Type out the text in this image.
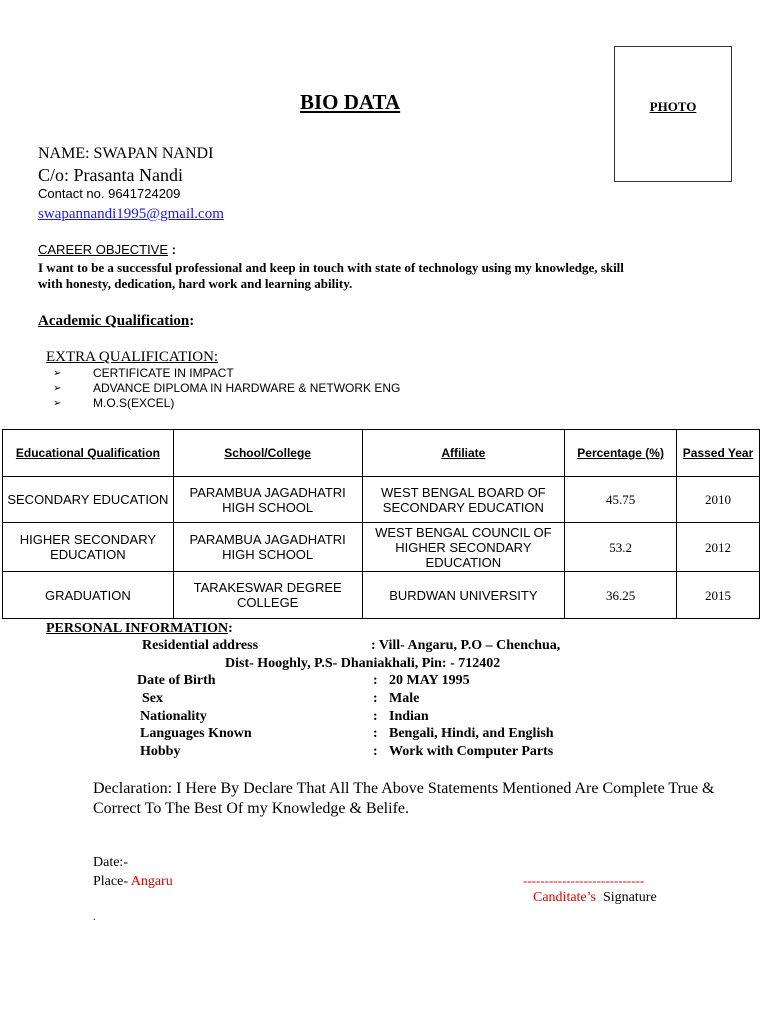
PHOTO
BIO DATA
NAME: SWAPAN NANDI
C/o: Prasanta Nandi
Contact no. 9641724209
swapannandi1995@gmail.com
CAREER OBJECTIVE :
I want to be a successful professional and keep in touch with state of technology using my knowledge, skill with honesty, dedication, hard work and learning ability.
Academic Qualification:
EXTRA QUALIFICATION:
➢	CERTIFICATE IN IMPACT
➢	ADVANCE DIPLOMA IN HARDWARE & NETWORK ENG
➢	M.O.S(EXCEL)
Educational Qualification	School/College	Affiliate	Percentage (%)	Passed Year
SECONDARY EDUCATION	PARAMBUA JAGADHATRI HIGH SCHOOL	WEST BENGAL BOARD OF SECONDARY EDUCATION	45.75	2010
HIGHER SECONDARY EDUCATION	PARAMBUA JAGADHATRI HIGH SCHOOL	WEST BENGAL COUNCIL OF HIGHER SECONDARY EDUCATION	53.2	2012
GRADUATION	TARAKESWAR DEGREE COLLEGE	BURDWAN UNIVERSITY	36.25	2015
PERSONAL INFORMATION:
Residential address	: Vill- Angaru, P.O – Chenchua,
Dist- Hooghly, P.S- Dhaniakhali, Pin: - 712402
Date of Birth	: 20 MAY 1995
Sex	: Male
Nationality	: Indian
Languages Known	: Bengali, Hindi, and English
Hobby	: Work with Computer Parts
Declaration: I Here By Declare That All The Above Statements Mentioned Are Complete True & Correct To The Best Of my Knowledge & Belife.
Date:-
Place- Angaru	----------------------------
Canditate’s  Signature
.
